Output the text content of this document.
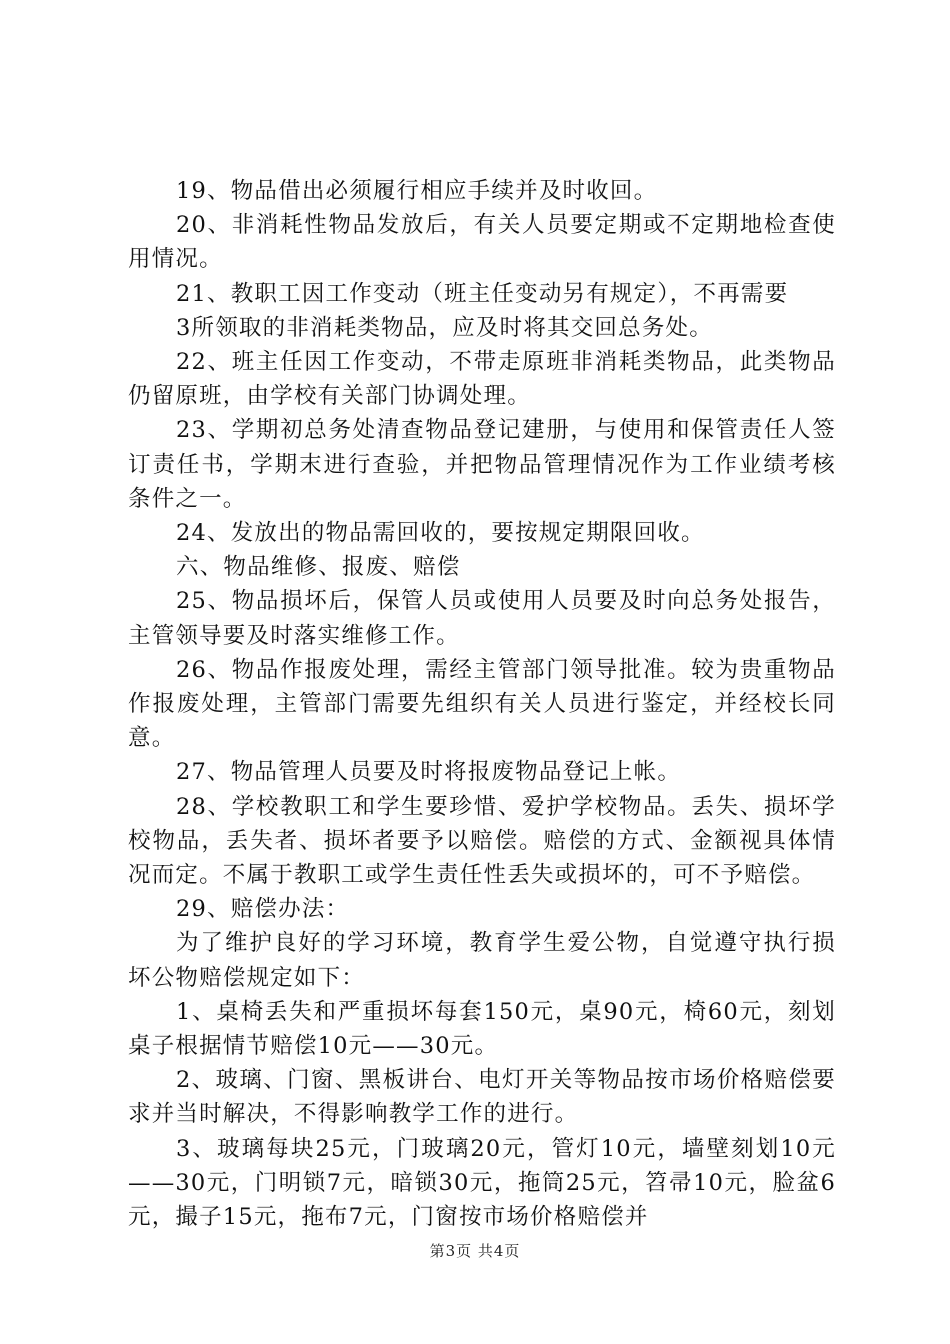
19、物品借出必须履行相应手续并及时收回。

20、非消耗性物品发放后，有关人员要定期或不定期地检查使用情况。

21、教职工因工作变动（班主任变动另有规定），不再需要

3所领取的非消耗类物品，应及时将其交回总务处。

22、班主任因工作变动，不带走原班非消耗类物品，此类物品仍留原班，由学校有关部门协调处理。

23、学期初总务处清查物品登记建册，与使用和保管责任人签订责任书，学期末进行查验，并把物品管理情况作为工作业绩考核条件之一。

24、发放出的物品需回收的，要按规定期限回收。

六、物品维修、报废、赔偿

25、物品损坏后，保管人员或使用人员要及时向总务处报告，主管领导要及时落实维修工作。

26、物品作报废处理，需经主管部门领导批准。较为贵重物品作报废处理，主管部门需要先组织有关人员进行鉴定，并经校长同意。

27、物品管理人员要及时将报废物品登记上帐。

28、学校教职工和学生要珍惜、爱护学校物品。丢失、损坏学校物品，丢失者、损坏者要予以赔偿。赔偿的方式、金额视具体情况而定。不属于教职工或学生责任性丢失或损坏的，可不予赔偿。

29、赔偿办法：

为了维护良好的学习环境，教育学生爱公物，自觉遵守执行损坏公物赔偿规定如下：

1、桌椅丢失和严重损坏每套150元，桌90元，椅60元，刻划桌子根据情节赔偿10元——30元。

2、玻璃、门窗、黑板讲台、电灯开关等物品按市场价格赔偿要求并当时解决，不得影响教学工作的进行。

3、玻璃每块25元，门玻璃20元，管灯10元，墙壁刻划10元——30元，门明锁7元，暗锁30元，拖筒25元，笤帚10元，脸盆6元，撮子15元，拖布7元，门窗按市场价格赔偿并

第3页 共4页
